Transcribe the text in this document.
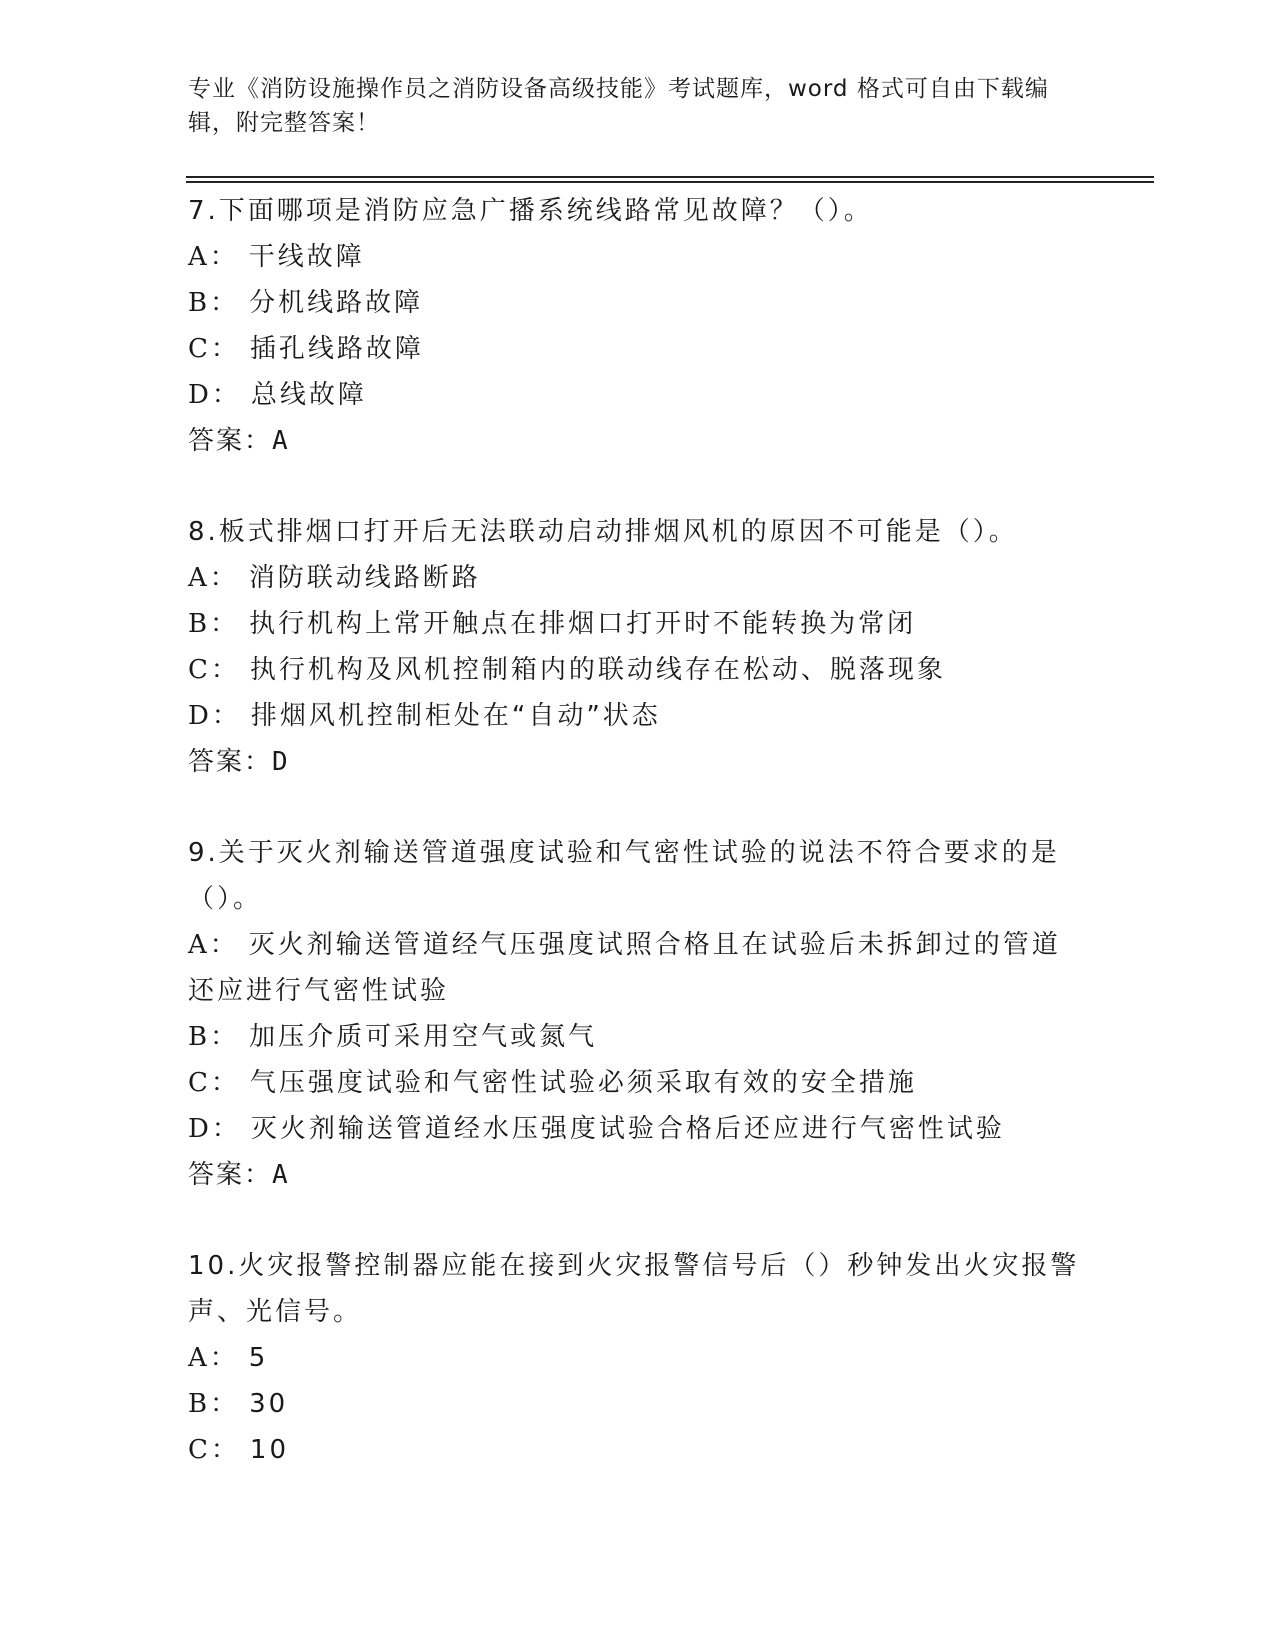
专业《消防设施操作员之消防设备高级技能》考试题库，word 格式可自由下载编辑，附完整答案！

7.下面哪项是消防应急广播系统线路常见故障？（）。

A： 干线故障

B： 分机线路故障

C： 插孔线路故障

D： 总线故障

答案：A

8.板式排烟口打开后无法联动启动排烟风机的原因不可能是（）。

A： 消防联动线路断路

B： 执行机构上常开触点在排烟口打开时不能转换为常闭

C： 执行机构及风机控制箱内的联动线存在松动、脱落现象

D： 排烟风机控制柜处在“自动”状态

答案：D

9.关于灭火剂输送管道强度试验和气密性试验的说法不符合要求的是（）。

A： 灭火剂输送管道经气压强度试照合格且在试验后未拆卸过的管道还应进行气密性试验

B： 加压介质可采用空气或氮气

C： 气压强度试验和气密性试验必须采取有效的安全措施

D： 灭火剂输送管道经水压强度试验合格后还应进行气密性试验

答案：A

10.火灾报警控制器应能在接到火灾报警信号后（）秒钟发出火灾报警声、光信号。

A： 5

B： 30

C： 10
